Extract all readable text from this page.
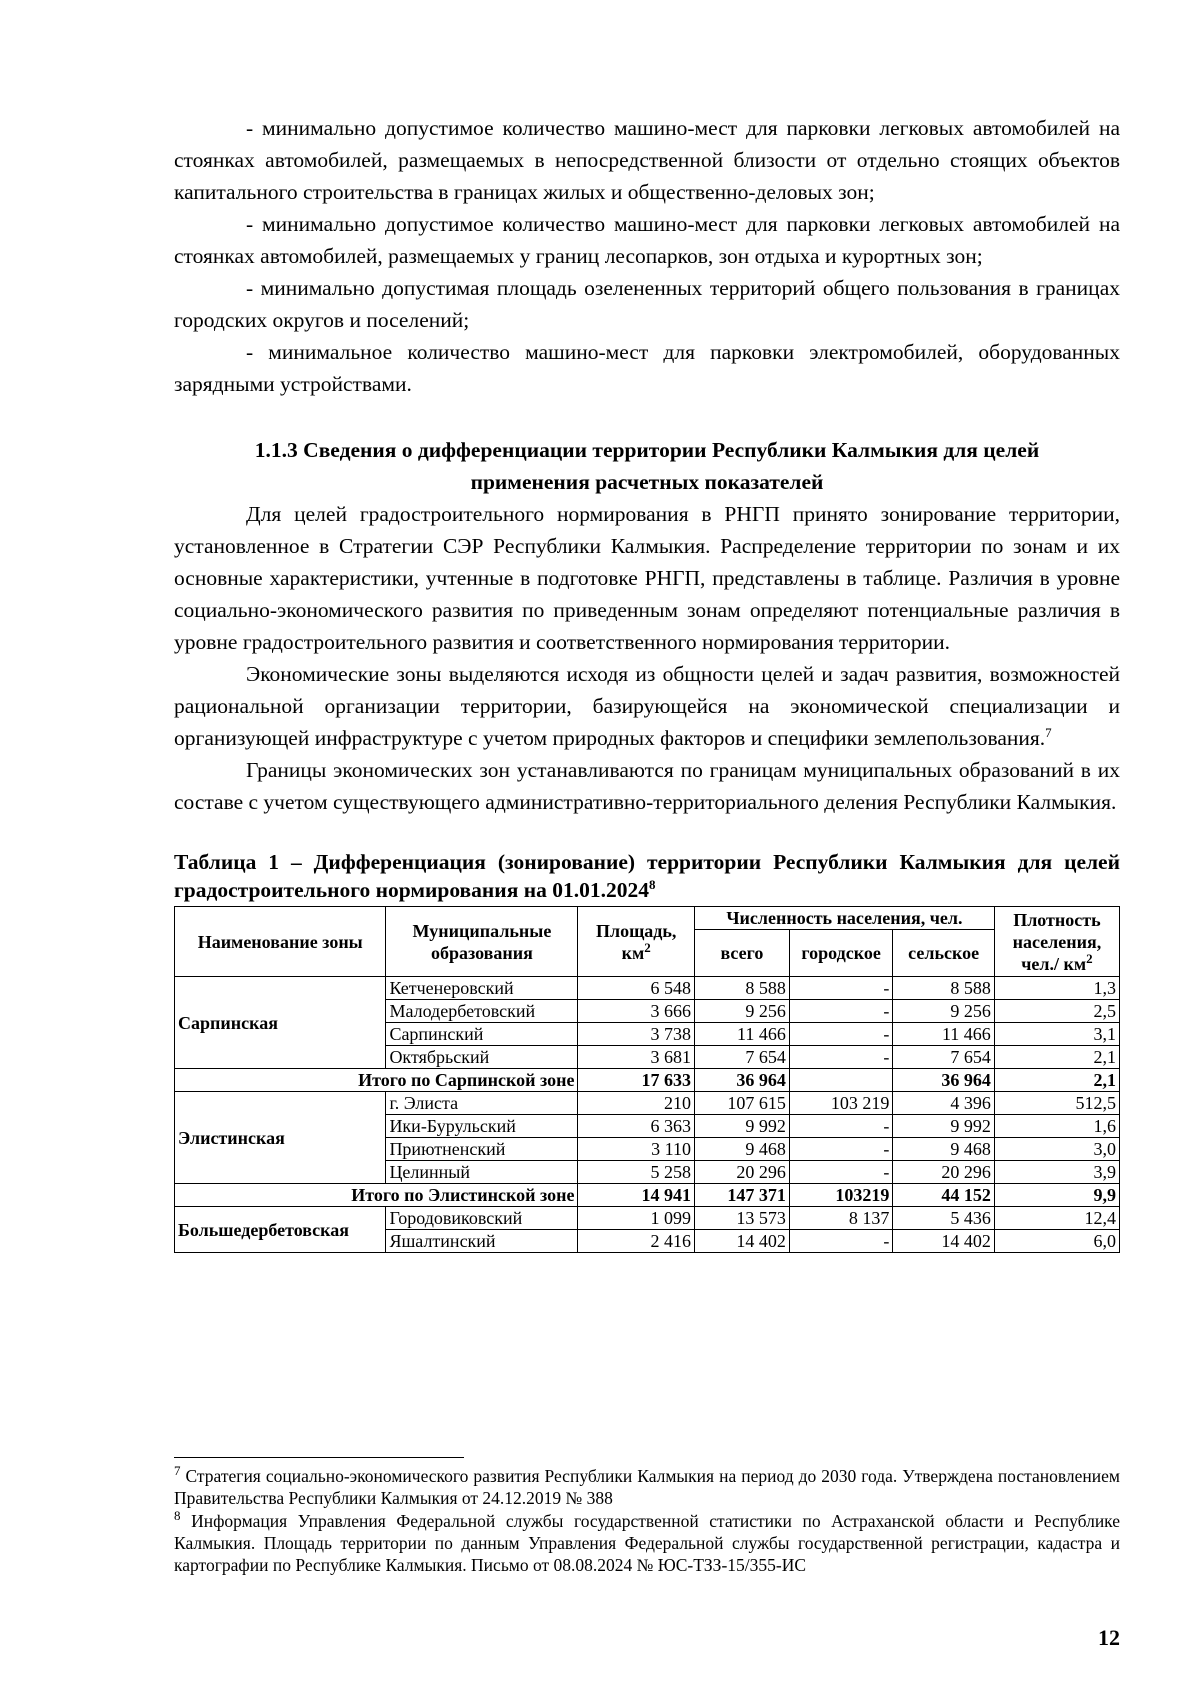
- минимально допустимое количество машино-мест для парковки легковых автомобилей на стоянках автомобилей, размещаемых в непосредственной близости от отдельно стоящих объектов капитального строительства в границах жилых и общественно-деловых зон;

- минимально допустимое количество машино-мест для парковки легковых автомобилей на стоянках автомобилей, размещаемых у границ лесопарков, зон отдыха и курортных зон;

- минимально допустимая площадь озелененных территорий общего пользования в границах городских округов и поселений;

- минимальное количество машино-мест для парковки электромобилей, оборудованных зарядными устройствами.

1.1.3 Сведения о дифференциации территории Республики Калмыкия для целей
применения расчетных показателей

Для целей градостроительного нормирования в РНГП принято зонирование территории, установленное в Стратегии СЭР Республики Калмыкия. Распределение территории по зонам и их основные характеристики, учтенные в подготовке РНГП, представлены в таблице. Различия в уровне социально-экономического развития по приведенным зонам определяют потенциальные различия в уровне градостроительного развития и соответственного нормирования территории.

Экономические зоны выделяются исходя из общности целей и задач развития, возможностей рациональной организации территории, базирующейся на экономической специализации и организующей инфраструктуре с учетом природных факторов и специфики землепользования.$^7$

Границы экономических зон устанавливаются по границам муниципальных образований в их составе с учетом существующего административно-территориального деления Республики Калмыкия.

Таблица 1 – Дифференциация (зонирование) территории Республики Калмыкия для целей градостроительного нормирования на 01.01.2024$^8$
Наименование зоны	Муниципальные образования	Площадь, $км^2$	Численность населения, чел.			Плотность населения, чел./ $км^2$
			всего	городское	сельское	
Сарпинская	Кетченеровский	6 548	8 588	-	8 588	1,3
	Малодербетовский	3 666	9 256	-	9 256	2,5
	Сарпинский	3 738	11 466	-	11 466	3,1
	Октябрьский	3 681	7 654	-	7 654	2,1
Итого по Сарпинской зоне		17 633	36 964		36 964	2,1
Элистинская	г. Элиста	210	107 615	103 219	4 396	512,5
	Ики-Бурульский	6 363	9 992	-	9 992	1,6
	Приютненский	3 110	9 468	-	9 468	3,0
	Целинный	5 258	20 296	-	20 296	3,9
Итого по Элистинской зоне		14 941	147 371	103219	44 152	9,9
Большедербетовская	Городовиковский	1 099	13 573	8 137	5 436	12,4
	Яшалтинский	2 416	14 402	-	14 402	6,0

$^7$ Стратегия социально-экономического развития Республики Калмыкия на период до 2030 года. Утверждена постановлением Правительства Республики Калмыкия от 24.12.2019 № 388

$^8$ Информация Управления Федеральной службы государственной статистики по Астраханской области и Республике Калмыкия. Площадь территории по данным Управления Федеральной службы государственной регистрации, кадастра и картографии по Республике Калмыкия. Письмо от 08.08.2024 № ЮС-ТЗЗ-15/355-ИС

12
